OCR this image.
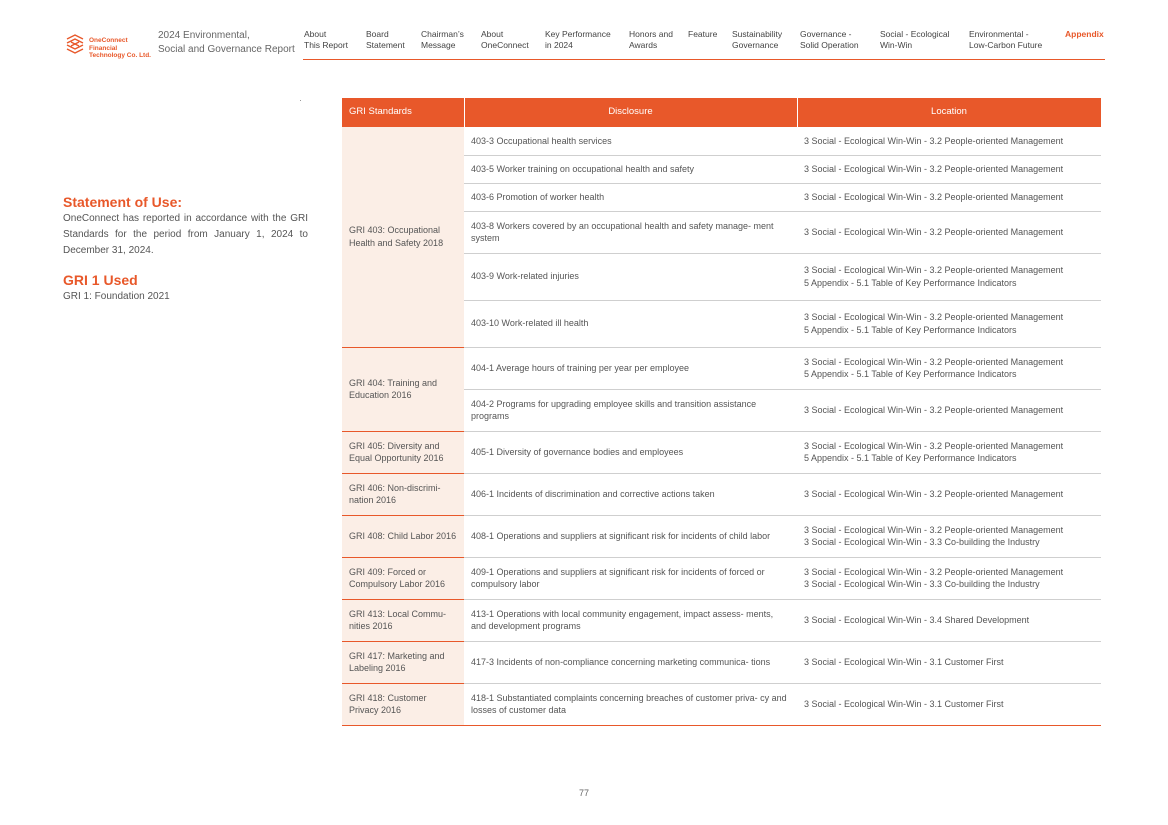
OneConnect Financial
Technology Co. Ltd.
2024 Environmental,
Social and Governance Report
About
This Report
Board
Statement
Chairman’s
Message
About
OneConnect
Key Performance
in 2024
Honors and
Awards
Feature Sustainability
Governance
Governance -
Solid Operation
Social - Ecological
Win-Win
Environmental -
Low-Carbon Future
Appendix
Statement of Use:

OneConnect has reported in accordance with the GRI Standards for the period from January 1, 2024 to December 31, 2024.

GRI 1 Used

GRI 1: Foundation 2021

GRI Standards	Disclosure	Location
GRI 403: Occupational Health and Safety 2018	403-3 Occupational health services	3 Social - Ecological Win-Win - 3.2 People-oriented Management
	403-5 Worker training on occupational health and safety	3 Social - Ecological Win-Win - 3.2 People-oriented Management
	403-6 Promotion of worker health	3 Social - Ecological Win-Win - 3.2 People-oriented Management
	403-8 Workers covered by an occupational health and safety manage- ment system	3 Social - Ecological Win-Win - 3.2 People-oriented Management
	403-9 Work-related injuries	3 Social - Ecological Win-Win - 3.2 People-oriented Management
5 Appendix - 5.1 Table of Key Performance Indicators
	403-10 Work-related ill health	3 Social - Ecological Win-Win - 3.2 People-oriented Management
5 Appendix - 5.1 Table of Key Performance Indicators
GRI 404: Training and Education 2016	404-1 Average hours of training per year per employee	3 Social - Ecological Win-Win - 3.2 People-oriented Management
5 Appendix - 5.1 Table of Key Performance Indicators
	404-2 Programs for upgrading employee skills and transition assistance programs	3 Social - Ecological Win-Win - 3.2 People-oriented Management
GRI 405: Diversity and Equal Opportunity 2016	405-1 Diversity of governance bodies and employees	3 Social - Ecological Win-Win - 3.2 People-oriented Management
5 Appendix - 5.1 Table of Key Performance Indicators
GRI 406: Non-discrimi- nation 2016	406-1 Incidents of discrimination and corrective actions taken	3 Social - Ecological Win-Win - 3.2 People-oriented Management
GRI 408: Child Labor 2016	408-1 Operations and suppliers at significant risk for incidents of child labor	3 Social - Ecological Win-Win - 3.2 People-oriented Management
3 Social - Ecological Win-Win - 3.3 Co-building the Industry
GRI 409: Forced or Compulsory Labor 2016	409-1 Operations and suppliers at significant risk for incidents of forced or compulsory labor	3 Social - Ecological Win-Win - 3.2 People-oriented Management
3 Social - Ecological Win-Win - 3.3 Co-building the Industry
GRI 413: Local Commu- nities 2016	413-1 Operations with local community engagement, impact assess- ments, and development programs	3 Social - Ecological Win-Win - 3.4 Shared Development
GRI 417: Marketing and Labeling 2016	417-3 Incidents of non-compliance concerning marketing communica- tions	3 Social - Ecological Win-Win - 3.1 Customer First
GRI 418: Customer Privacy 2016	418-1 Substantiated complaints concerning breaches of customer priva- cy and losses of customer data	3 Social - Ecological Win-Win - 3.1 Customer First
77
